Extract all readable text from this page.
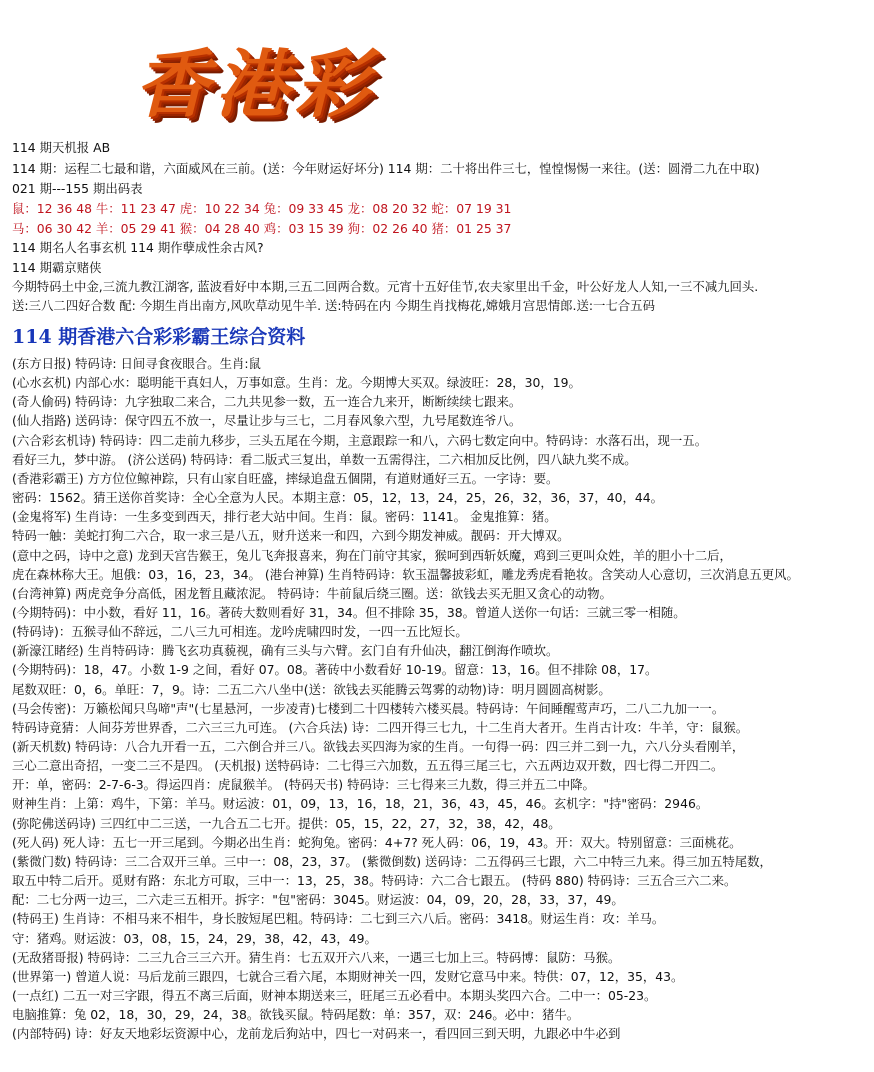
香港彩
114 期天机报 AB
114 期：运程二七最和谐，六面威风在三前。(送：今年财运好坏分) 114 期：二十将出件三七，惶惶惕惕一来往。(送：圆滑二九在中取)
021 期---155 期出码表
鼠：12 36 48 牛：11 23 47 虎：10 22 34 兔：09 33 45 龙：08 20 32 蛇：07 19 31
马：06 30 42 羊：05 29 41 猴：04 28 40 鸡：03 15 39 狗：02 26 40 猪：01 25 37
114 期名人名事玄机 114 期作孽成性余古风?
114 期霸京赌侠
今期特码土中金,三流九教江湖客, 蓝波看好中本期,三五二回两合数。元宵十五好佳节,农夫家里出千金，叶公好龙人人知,一三不减九回头.
送:三八二四好合数 配: 今期生肖出南方,风吹草动见牛羊. 送:特码在内 今期生肖找梅花,嫦娥月宫思情郎.送:一七合五码
114 期香港六合彩彩霸王综合资料
(东方日报) 特码诗: 日间寻食夜眼合。生肖:鼠
(心水玄机) 内部心水：聪明能干真妇人，万事如意。生肖：龙。今期博大买双。绿波旺：28，30，19。
(奇人偷码) 特码诗：九字独取二来合，二九共见参一数，五一连合九来开，断断续续七跟来。
(仙人指路) 送码诗：保守四五不放一，尽量让步与三七，二月春风象六型，九号尾数连爷八。
(六合彩玄机诗) 特码诗：四二走前九移步，三头五尾在今期，主意跟踪一和八，六码七数定向中。特码诗：水落石出，现一五。
看好三九，梦中游。 (济公送码) 特码诗：看二版式三复出，单数一五需得注，二六相加反比例，四八缺九奖不成。
(香港彩霸王) 方方位位鲸神踪，只有山家自旺盛，摔绿追盘五個開，有道财通好三五。一字诗：要。
密码：1562。猜王送你首奖诗：全心全意为人民。本期主意：05，12，13，24，25，26，32，36，37，40，44。
(金鬼将军) 生肖诗：一生多变到西天，排行老大站中间。生肖：鼠。密码：1141。 金鬼推算：猪。
特码一触：美蛇打狗二六合，取一求三是八五，财升送来一和四，六到今期发神威。靓码：开大博双。
(意中之码，诗中之意) 龙到天宫告猴王，兔儿飞奔报喜来，狗在门前守其家，猴呵到西斩妖魔，鸡到三更叫众姓，羊的胆小十二后，
虎在森林称大王。旭俄：03，16，23，34。 (港台神算) 生肖特码诗：软玉温馨披彩虹，雕龙秀虎看艳妆。含笑动人心意切，三次消息五更风。
(台湾神算) 两虎竞争分高低，困龙暂且藏浓泥。 特码诗：牛前鼠后绕三圈。送：欲钱去买无胆又贪心的动物。
(今期特码)：中小数，看好 11，16。著砖大数则看好 31，34。但不排除 35，38。曾道人送你一句话：三就三零一相随。
(特码诗)：五猴寻仙不辞远，二八三九可相连。龙吟虎啸四时发，一四一五比短长。
(新濠江睹经) 生肖特码诗：腾飞玄功真藐视，确有三头与六臂。玄门自有升仙决，翻江倒海作喷坎。
(今期特码)：18，47。小数 1-9 之间，看好 07。08。著砖中小数看好 10-19。留意：13，16。但不排除 08，17。
尾数双旺：0，6。单旺：7，9。诗：二五二六八坐中(送：欲钱去买能腾云驾雾的动物)诗：明月圆圆高树影。
(马会传密)：万籁松闻只鸟啼"声"(七星悬河，一步凌青)七楼到二十四楼转六楼买晨。特码诗：午间睡醒莺声巧，二八二九加一一。
特码诗竟猜：人间芬芳世界香，二六三三九可连。 (六合兵法) 诗：二四开得三七九，十二生肖大者开。生肖古计攻：牛羊，守：鼠猴。
(新天机数) 特码诗：八合九开看一五，二六倒合并三八。欲钱去买四海为家的生肖。一句得一码：四三并二到一九，六八分头看刚羊，
三心二意出奇招，一变二三不是四。 (天机报) 送特码诗：二七得三六加数，五五得三尾三七，六五两边双开数，四七得二开四二。
开：单，密码：2-7-6-3。得运四肖：虎鼠猴羊。 (特码天书) 特码诗：三七得来三九数，得三并五二中降。
财神生肖：上第：鸡牛，下第：羊马。财运波：01，09，13，16，18，21，36，43，45，46。玄机字："持"密码：2946。
(弥陀佛送码诗) 三四红中二三送，一九合五二七开。提供：05，15，22，27，32，38，42，48。
(死人码) 死人诗：五七一开三尾到。今期必出生肖：蛇狗兔。密码：4+7? 死人码：06，19，43。开：双大。特别留意：三面桃花。
(紫微门数) 特码诗：三二合双开三单。三中一：08，23，37。 (紫微倒数) 送码诗：二五得码三七跟，六二中特三九来。得三加五特尾数，
取五中特二后开。觅财有路：东北方可取，三中一：13，25，38。特码诗：六二合七跟五。 (特码 880) 特码诗：三五合三六二来。
配：二七分两一边三，二六走三五相开。拆字："包"密码：3045。财运波：04，09，20，28，33，37，49。
(特码王) 生肖诗：不相马来不相牛，身长胺短尾巴粗。特码诗：二七到三六八后。密码：3418。财运生肖：攻：羊马。
守：猪鸡。财运波：03，08，15，24，29，38，42，43，49。
(无敌猪哥报) 特码诗：二三九合三三六开。猜生肖：七五双开六八来，一遇三七加上三。特码博：鼠防：马猴。
(世界第一) 曾道人说：马后龙前三跟四，七就合三看六尾，本期财神关一四，发财它意马中来。特供：07，12，35，43。
(一点红) 二五一对三字跟，得五不离三后面，财神本期送来三，旺尾三五必看中。本期头奖四六合。二中一：05-23。
电脑推算：兔 02，18，30，29，24，38。欲钱买鼠。特码尾数：单：357，双：246。必中：猪牛。
(内部特码) 诗：好友天地彩坛资源中心，龙前龙后狗站中，四七一对码来一，看四回三到天明，九跟必中牛必到
